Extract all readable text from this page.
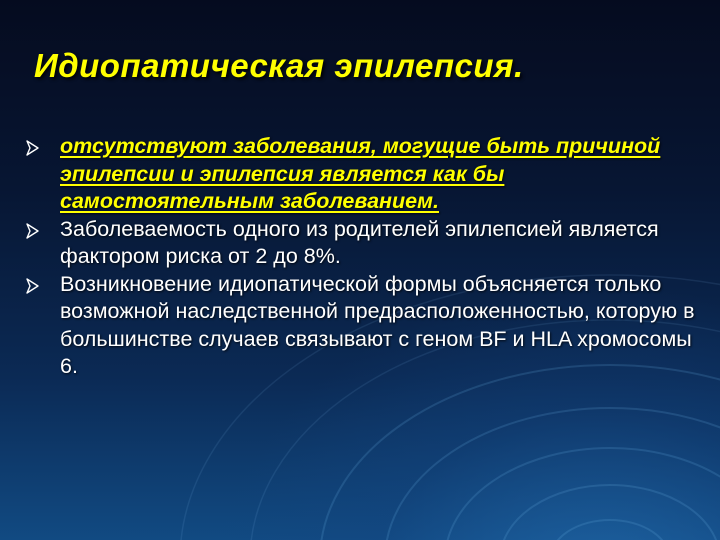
Идиопатическая эпилепсия.
отсутствуют заболевания, могущие быть причиной эпилепсии и эпилепсия является как бы самостоятельным заболеванием.
Заболеваемость одного из родителей эпилепсией является фактором риска от 2 до 8%.
Возникновение идиопатической формы объясняется только возможной наследственной предрасположенностью, которую в большинстве случаев связывают с геном BF и HLA хромосомы 6.
